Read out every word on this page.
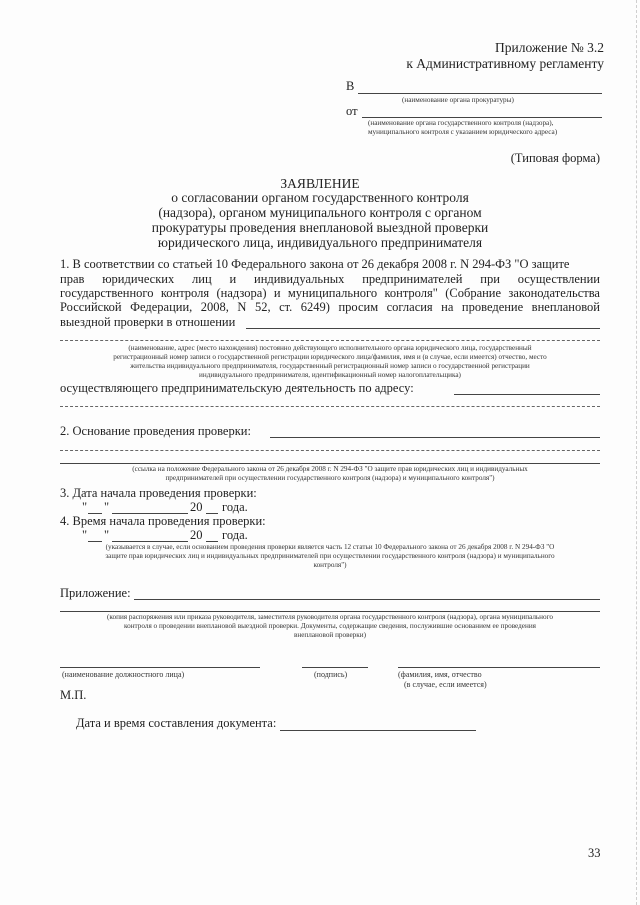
Приложение № 3.2
к Административному регламенту
В
(наименование органа прокуратуры)
от
(наименование органа государственного контроля (надзора),
муниципального контроля с указанием юридического адреса)
(Типовая форма)
ЗАЯВЛЕНИЕ
о согласовании органом государственного контроля
(надзора), органом муниципального контроля с органом
прокуратуры проведения внеплановой выездной проверки
юридического лица, индивидуального предпринимателя
1. В соответствии со статьей 10 Федерального закона от 26 декабря 2008 г. N 294-ФЗ "О защите
прав юридических лиц и индивидуальных предпринимателей при осуществлении
государственного контроля (надзора) и муниципального контроля" (Собрание законодательства
Российской Федерации, 2008, N 52, ст. 6249) просим согласия на проведение внеплановой
выездной проверки в отношении
(наименование, адрес (место нахождения) постоянно действующего исполнительного органа юридического лица, государственный
регистрационный номер записи о государственной регистрации юридического лица/фамилия, имя и (в случае, если имеется) отчество, место
жительства индивидуального предпринимателя, государственный регистрационный номер записи о государственной регистрации
индивидуального предпринимателя, идентификационный номер налогоплательщика)
осуществляющего предпринимательскую деятельность по адресу:
2. Основание проведения проверки:
(ссылка на положение Федерального закона от 26 декабря 2008 г. N 294-ФЗ "О защите прав юридических лиц и индивидуальных
предпринимателей при осуществлении государственного контроля (надзора) и муниципального контроля")
3. Дата начала проведения проверки:
" "	20 года.
4. Время начала проведения проверки:
" "	20 года.
(указывается в случае, если основанием проведения проверки является часть 12 статьи 10 Федерального закона от 26 декабря 2008 г. N 294-ФЗ "О
защите прав юридических лиц и индивидуальных предпринимателей при осуществлении государственного контроля (надзора) и муниципального
контроля")
Приложение:
(копия распоряжения или приказа руководителя, заместителя руководителя органа государственного контроля (надзора), органа муниципального
контроля о проведении внеплановой выездной проверки. Документы, содержащие сведения, послужившие основанием ее проведения
внеплановой проверки)
(наименование должностного лица)	(подпись)	(фамилия, имя, отчество
(в случае, если имеется)
М.П.
Дата и время составления документа:
33
